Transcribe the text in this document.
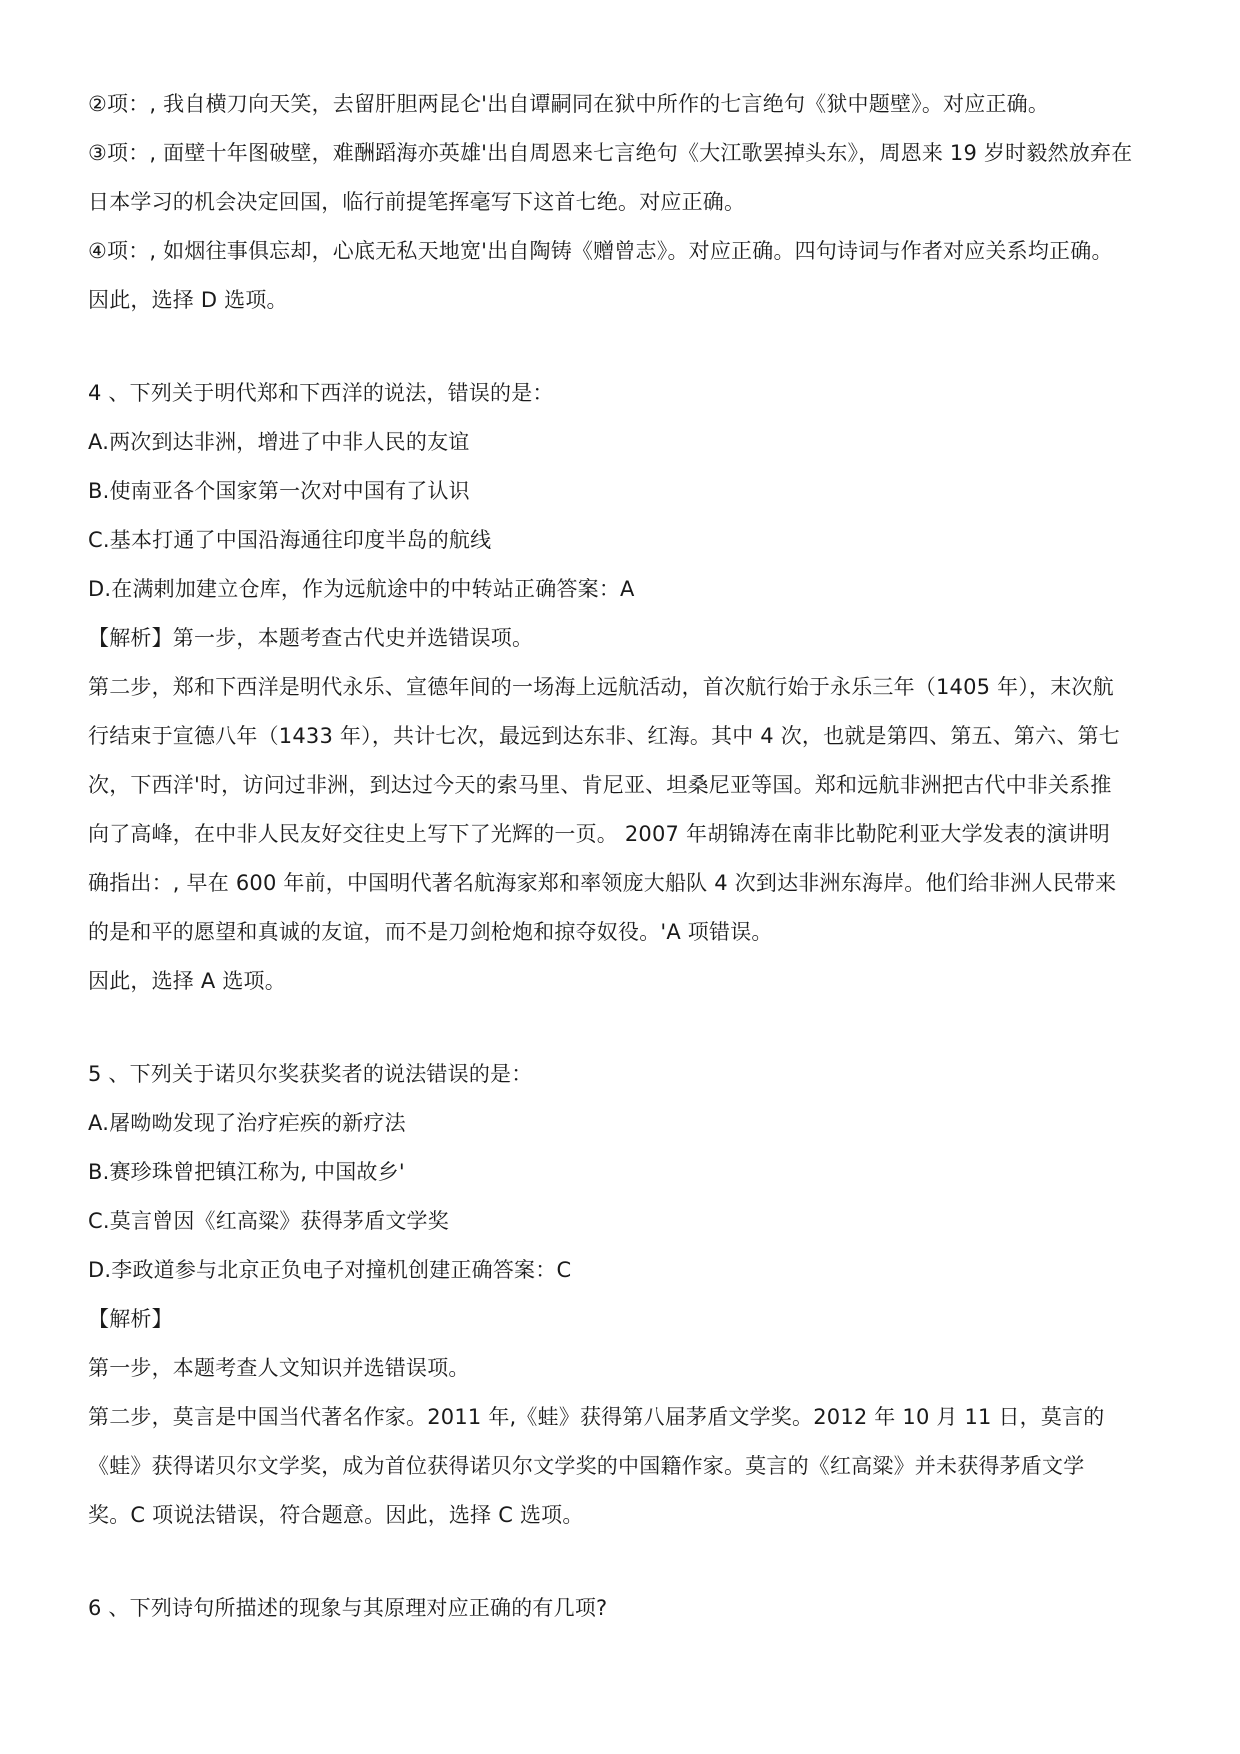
②项：, 我自横刀向天笑，去留肝胆两昆仑'出自谭嗣同在狱中所作的七言绝句《狱中题壁》。对应正确。
③项：, 面壁十年图破壁，难酬蹈海亦英雄'出自周恩来七言绝句《大江歌罢掉头东》，周恩来 19 岁时毅然放弃在
日本学习的机会决定回国，临行前提笔挥毫写下这首七绝。对应正确。
④项：, 如烟往事俱忘却，心底无私天地宽'出自陶铸《赠曾志》。对应正确。四句诗词与作者对应关系均正确。
因此，选择 D 选项。
4 、下列关于明代郑和下西洋的说法，错误的是：
A.两次到达非洲，增进了中非人民的友谊
B.使南亚各个国家第一次对中国有了认识
C.基本打通了中国沿海通往印度半岛的航线
D.在满剌加建立仓库，作为远航途中的中转站正确答案：A
【解析】第一步，本题考查古代史并选错误项。
第二步，郑和下西洋是明代永乐、宣德年间的一场海上远航活动，首次航行始于永乐三年（1405 年），末次航
行结束于宣德八年（1433 年），共计七次，最远到达东非、红海。其中 4 次，也就是第四、第五、第六、第七
次，下西洋'时，访问过非洲，到达过今天的索马里、肯尼亚、坦桑尼亚等国。郑和远航非洲把古代中非关系推
向了高峰，在中非人民友好交往史上写下了光辉的一页。 2007 年胡锦涛在南非比勒陀利亚大学发表的演讲明
确指出：, 早在 600 年前，中国明代著名航海家郑和率领庞大船队 4 次到达非洲东海岸。他们给非洲人民带来
的是和平的愿望和真诚的友谊，而不是刀剑枪炮和掠夺奴役。'A 项错误。
因此，选择 A 选项。
5 、下列关于诺贝尔奖获奖者的说法错误的是：
A.屠呦呦发现了治疗疟疾的新疗法
B.赛珍珠曾把镇江称为, 中国故乡'
C.莫言曾因《红高粱》获得茅盾文学奖
D.李政道参与北京正负电子对撞机创建正确答案：C
【解析】
第一步，本题考查人文知识并选错误项。
第二步，莫言是中国当代著名作家。2011 年,《蛙》获得第八届茅盾文学奖。2012 年 10 月 11 日，莫言的
《蛙》获得诺贝尔文学奖，成为首位获得诺贝尔文学奖的中国籍作家。莫言的《红高粱》并未获得茅盾文学
奖。C 项说法错误，符合题意。因此，选择 C 选项。
6 、下列诗句所描述的现象与其原理对应正确的有几项?
